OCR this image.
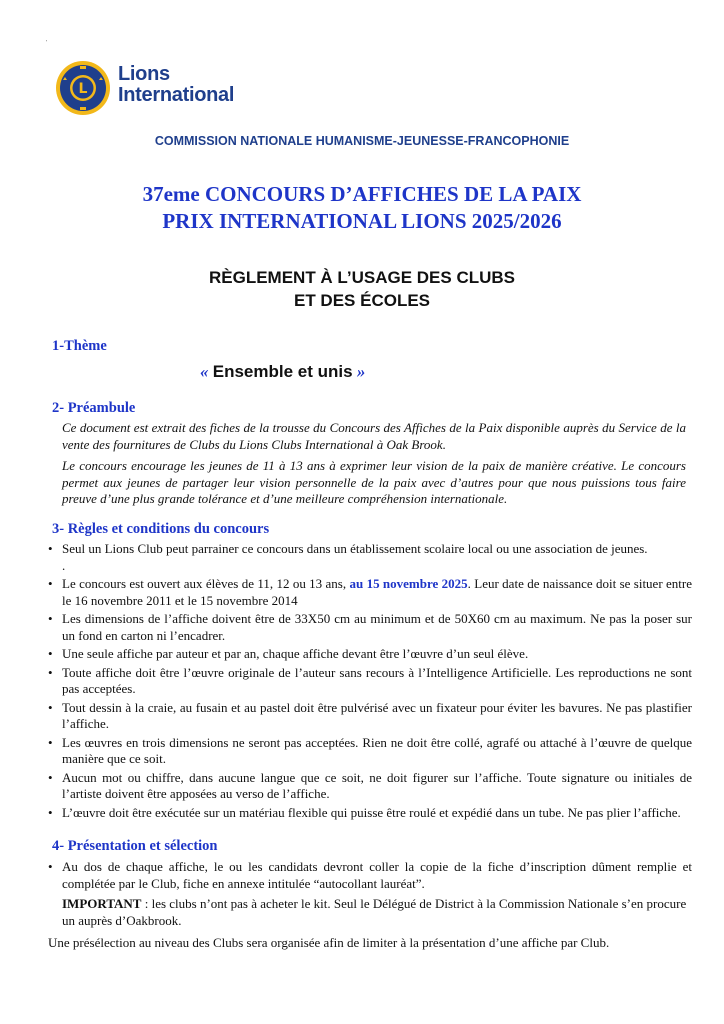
'
L
Lions
International
COMMISSION NATIONALE HUMANISME-JEUNESSE-FRANCOPHONIE
37eme CONCOURS D’AFFICHES DE LA PAIX
PRIX INTERNATIONAL LIONS 2025/2026
RÈGLEMENT À L’USAGE DES CLUBS
ET DES ÉCOLES
1-Thème
« Ensemble et unis »
2- Préambule
Ce document est extrait des fiches de la trousse du Concours des Affiches de la Paix disponible auprès du Service de la vente des fournitures de Clubs du Lions Clubs International à Oak Brook.
Le concours encourage les jeunes de 11 à 13 ans à exprimer leur vision de la paix de manière créative. Le concours permet aux jeunes de partager leur vision personnelle de la paix avec d’autres pour que nous puissions tous faire preuve d’une plus grande tolérance et d’une meilleure compréhension internationale.
3- Règles et conditions du concours
• Seul un Lions Club peut parrainer ce concours dans un établissement scolaire local ou une association de jeunes.
.
• Le concours est ouvert aux élèves de 11, 12 ou 13 ans, au 15 novembre 2025. Leur date de naissance doit se situer entre le 16 novembre 2011 et le 15 novembre 2014
• Les dimensions de l’affiche doivent être de 33X50 cm au minimum et de 50X60 cm au maximum. Ne pas la poser sur un fond en carton ni l’encadrer.
• Une seule affiche par auteur et par an, chaque affiche devant être l’œuvre d’un seul élève.
• Toute affiche doit être l’œuvre originale de l’auteur sans recours à l’Intelligence Artificielle. Les reproductions ne sont pas acceptées.
• Tout dessin à la craie, au fusain et au pastel doit être pulvérisé avec un fixateur pour éviter les bavures. Ne pas plastifier l’affiche.
• Les œuvres en trois dimensions ne seront pas acceptées. Rien ne doit être collé, agrafé ou attaché à l’œuvre de quelque manière que ce soit.
• Aucun mot ou chiffre, dans aucune langue que ce soit, ne doit figurer sur l’affiche. Toute signature ou initiales de l’artiste doivent être apposées au verso de l’affiche.
• L’œuvre doit être exécutée sur un matériau flexible qui puisse être roulé et expédié dans un tube. Ne pas plier l’affiche.
4- Présentation et sélection
• Au dos de chaque affiche, le ou les candidats devront coller la copie de la fiche d’inscription dûment remplie et complétée par le Club, fiche en annexe intitulée “autocollant lauréat”.
IMPORTANT : les clubs n’ont pas à acheter le kit. Seul le Délégué de District à la Commission Nationale s’en procure un auprès d’Oakbrook.
Une présélection au niveau des Clubs sera organisée afin de limiter à la présentation d’une affiche par Club.
